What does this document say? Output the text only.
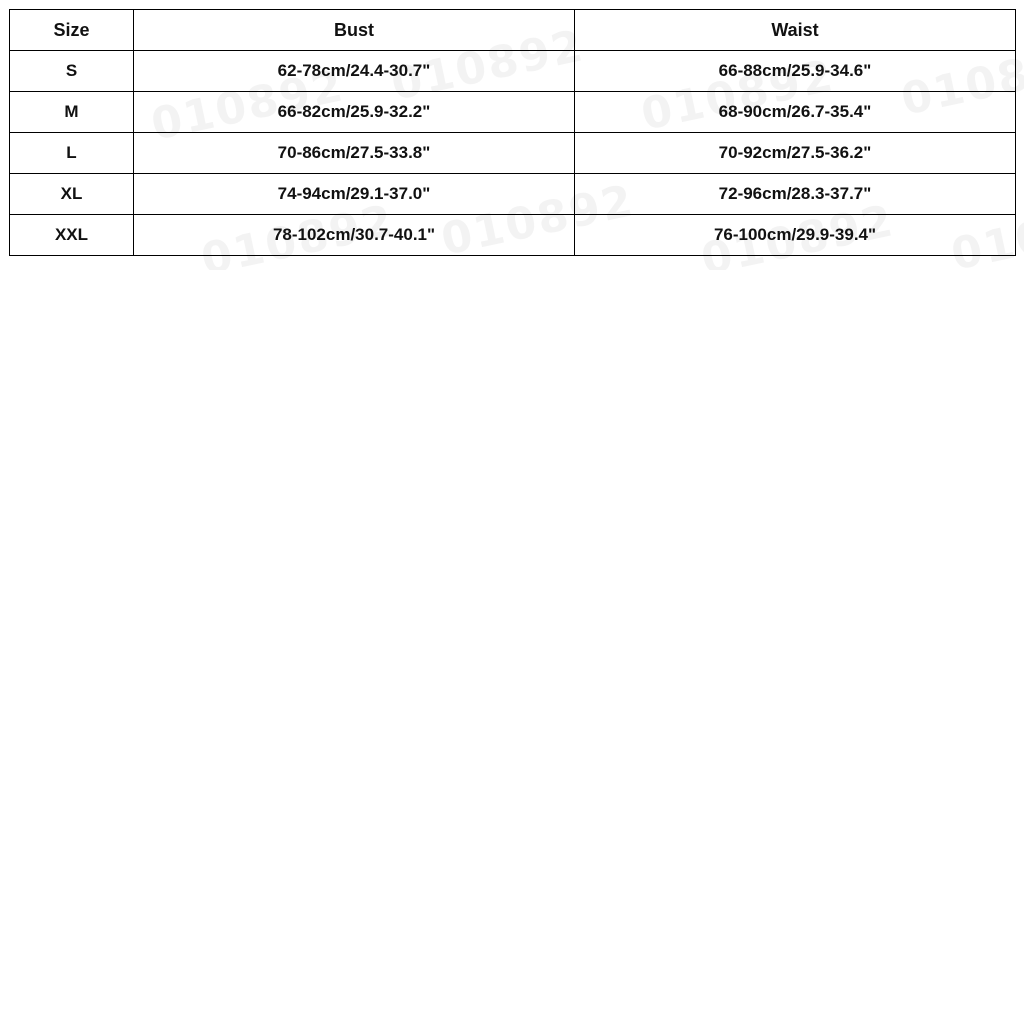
Size	Bust	Waist
S	62-78cm/24.4-30.7"	66-88cm/25.9-34.6"
M	66-82cm/25.9-32.2"	68-90cm/26.7-35.4"
L	70-86cm/27.5-33.8"	70-92cm/27.5-36.2"
XL	74-94cm/29.1-37.0"	72-96cm/28.3-37.7"
XXL	78-102cm/30.7-40.1"	76-100cm/29.9-39.4"
